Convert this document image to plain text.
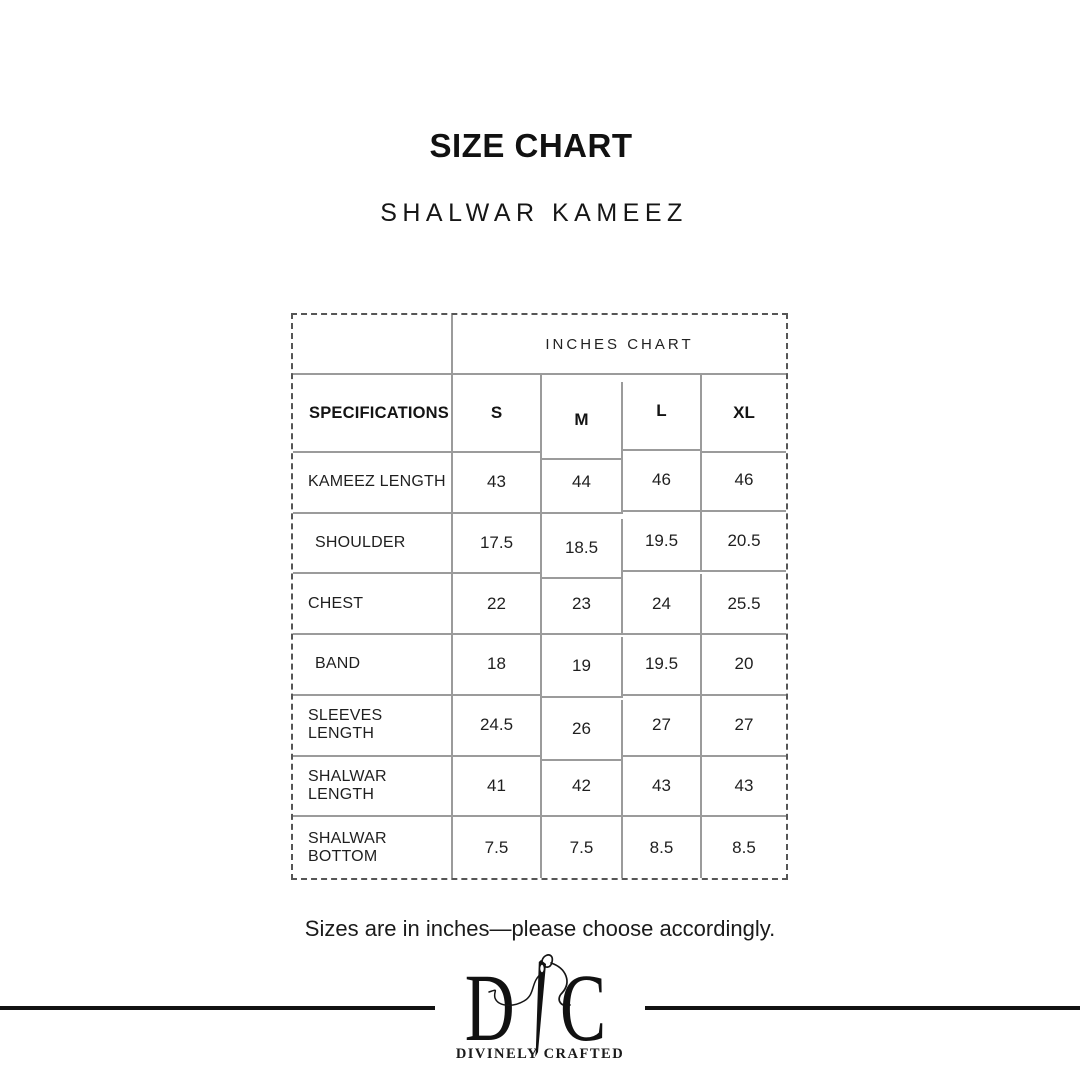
SIZE CHART
SHALWAR KAMEEZ
INCHES CHART
SPECIFICATIONS	S	M	L	XL
KAMEEZ LENGTH	43	44	46	46
SHOULDER	17.5	18.5	19.5	20.5
CHEST	22	23	24	25.5
BAND	18	19	19.5	20
SLEEVES LENGTH	24.5	26	27	27
SHALWAR LENGTH	41	42	43	43
SHALWAR BOTTOM	7.5	7.5	8.5	8.5
Sizes are in inches—please choose accordingly.
D C
DIVINELY CRAFTED
